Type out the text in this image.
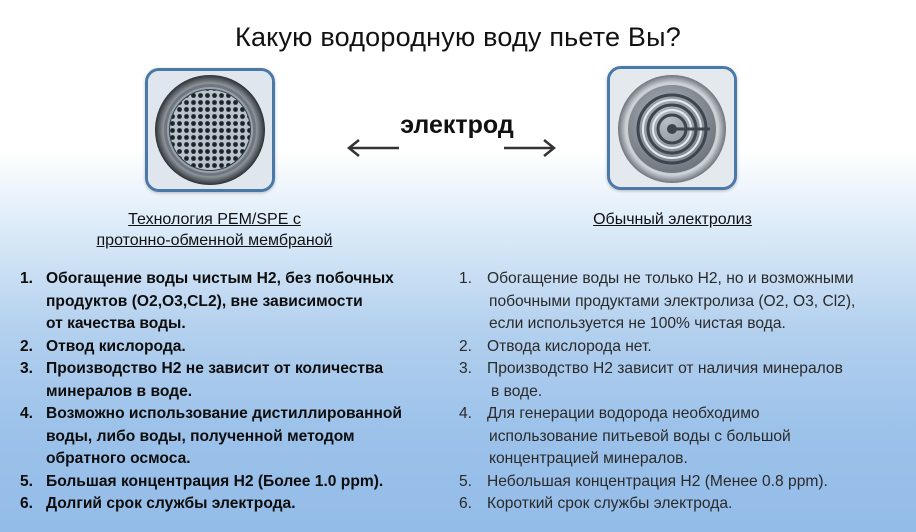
Какую водородную воду пьете Вы?
электрод
Технология PEM/SPE с
протонно-обменной мембраной
Обычный электролиз
1. Обогащение воды чистым Н2, без побочных
продуктов (O2,O3,CL2), вне зависимости
от качества воды.
2. Отвод кислорода.
3. Производство Н2 не зависит от количества
минералов в воде.
4. Возможно использование дистиллированной
воды, либо воды, полученной методом
обратного осмоса.
5. Большая концентрация Н2 (Более 1.0 ppm).
6. Долгий срок службы электрода.
1. Обогащение воды не только Н2, но и возможными
побочными продуктами электролиза (O2, O3, Cl2),
если используется не 100% чистая вода.
2. Отвода кислорода нет.
3. Производство Н2 зависит от наличия минералов
в воде.
4. Для генерации водорода необходимо
использование питьевой воды с большой
концентрацией минералов.
5. Небольшая концентрация Н2 (Менее 0.8 ppm).
6. Короткий срок службы электрода.
